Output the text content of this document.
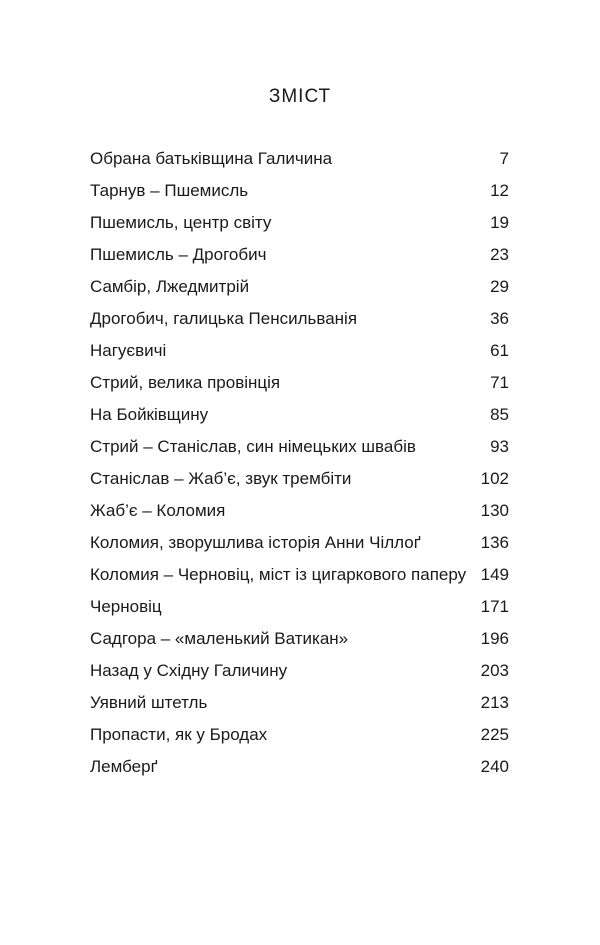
ЗМІСТ
Обрана батьківщина Галичина	7
Тарнув – Пшемисль	12
Пшемисль, центр світу	19
Пшемисль – Дрогобич	23
Самбір, Лжедмитрій	29
Дрогобич, галицька Пенсильванія	36
Нагуєвичі	61
Стрий, велика провінція	71
На Бойківщину	85
Стрий – Станіслав, син німецьких швабів	93
Станіслав – Жаб’є, звук трембіти	102
Жаб’є – Коломия	130
Коломия, зворушлива історія Анни Чіллоґ	136
Коломия – Черновіц, міст із цигаркового паперу 149
Черновіц	171
Садгора – «маленький Ватикан»	196
Назад у Східну Галичину	203
Уявний штетль	213
Пропасти, як у Бродах	225
Лемберґ	240
